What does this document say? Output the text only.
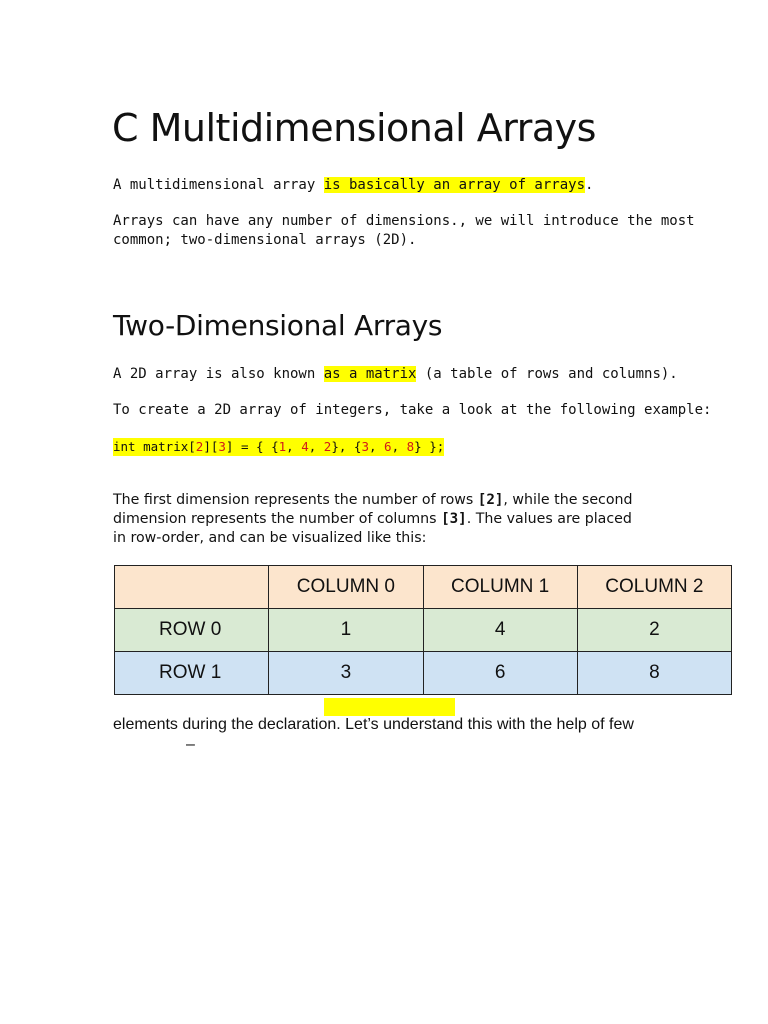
C Multidimensional Arrays

A multidimensional array is basically an array of arrays.

Arrays can have any number of dimensions., we will introduce the most

common; two-dimensional arrays (2D).

Two-Dimensional Arrays

A 2D array is also known as a matrix (a table of rows and columns).

To create a 2D array of integers, take a look at the following example:

int matrix[2][3] = { {1, 4, 2}, {3, 6, 8} };

The first dimension represents the number of rows [2], while the second

dimension represents the number of columns [3]. The values are placed

in row-order, and can be visualized like this:

	COLUMN 0	COLUMN 1	COLUMN 2
ROW 0	1	4	2
ROW 1	3	6	8

elements during the declaration. Let’s understand this with the help of few

–
